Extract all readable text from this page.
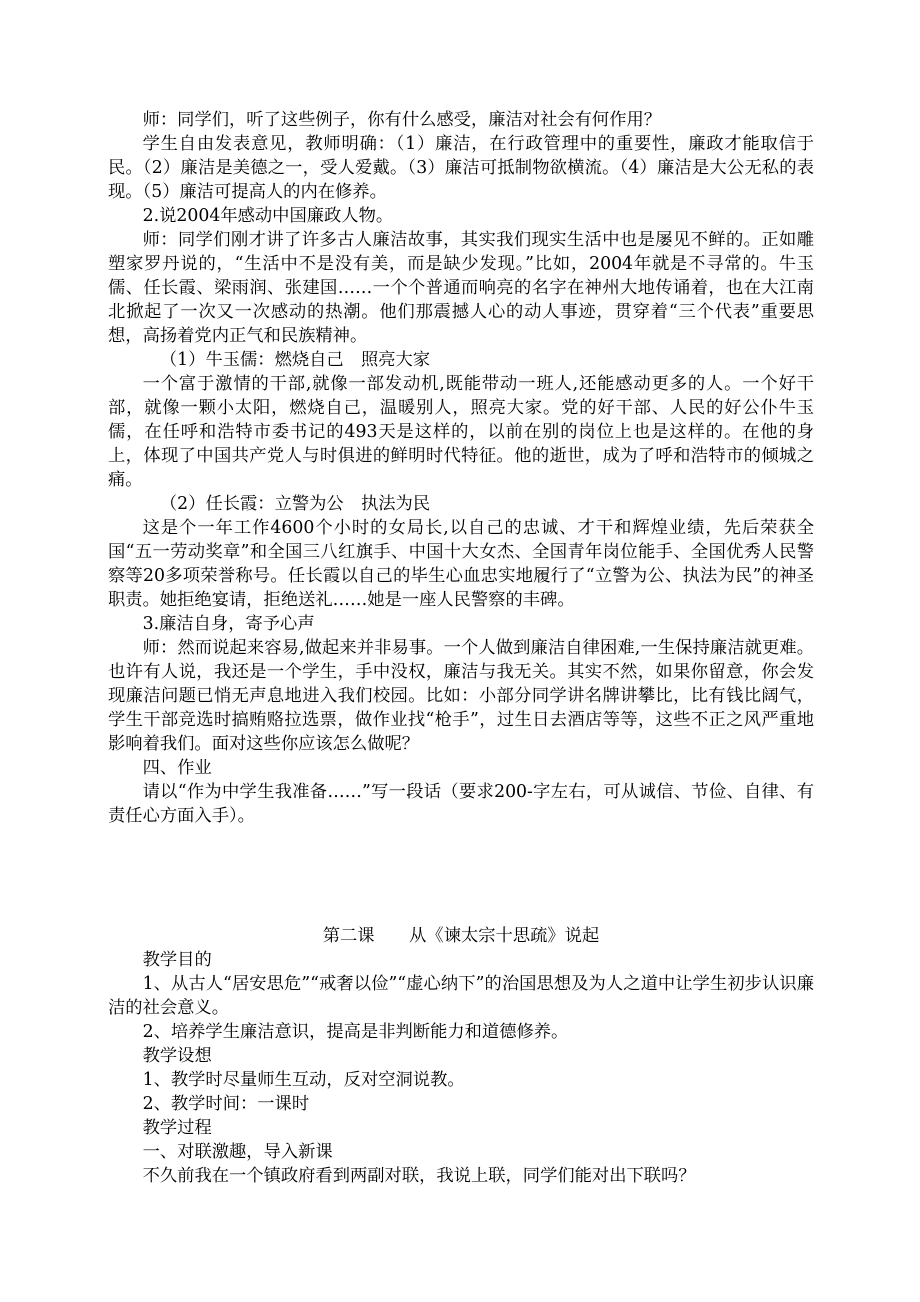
师：同学们，听了这些例子，你有什么感受，廉洁对社会有何作用？

学生自由发表意见，教师明确：（1）廉洁，在行政管理中的重要性，廉政才能取信于民。（2）廉洁是美德之一，受人爱戴。（3）廉洁可抵制物欲横流。（4）廉洁是大公无私的表现。（5）廉洁可提高人的内在修养。

2.说2004年感动中国廉政人物。

师：同学们刚才讲了许多古人廉洁故事，其实我们现实生活中也是屡见不鲜的。正如雕塑家罗丹说的，“生活中不是没有美，而是缺少发现。”比如，2004年就是不寻常的。牛玉儒、任长霞、梁雨润、张建国……一个个普通而响亮的名字在神州大地传诵着，也在大江南北掀起了一次又一次感动的热潮。他们那震撼人心的动人事迹，贯穿着“三个代表”重要思想，高扬着党内正气和民族精神。

（1）牛玉儒：燃烧自己　照亮大家

一个富于激情的干部,就像一部发动机,既能带动一班人,还能感动更多的人。一个好干部，就像一颗小太阳，燃烧自己，温暖别人，照亮大家。党的好干部、人民的好公仆牛玉儒，在任呼和浩特市委书记的493天是这样的，以前在别的岗位上也是这样的。在他的身上，体现了中国共产党人与时俱进的鲜明时代特征。他的逝世，成为了呼和浩特市的倾城之痛。

（2）任长霞：立警为公　执法为民

这是个一年工作4600个小时的女局长,以自己的忠诚、才干和辉煌业绩，先后荣获全国“五一劳动奖章”和全国三八红旗手、中国十大女杰、全国青年岗位能手、全国优秀人民警察等20多项荣誉称号。任长霞以自己的毕生心血忠实地履行了“立警为公、执法为民”的神圣职责。她拒绝宴请，拒绝送礼……她是一座人民警察的丰碑。

3.廉洁自身，寄予心声

师：然而说起来容易,做起来并非易事。一个人做到廉洁自律困难,一生保持廉洁就更难。也许有人说，我还是一个学生，手中没权，廉洁与我无关。其实不然，如果你留意，你会发现廉洁问题已悄无声息地进入我们校园。比如：小部分同学讲名牌讲攀比，比有钱比阔气，学生干部竞选时搞贿赂拉选票，做作业找“枪手”，过生日去酒店等等，这些不正之风严重地影响着我们。面对这些你应该怎么做呢？

四、作业

请以“作为中学生我准备……”写一段话（要求200-字左右，可从诚信、节俭、自律、有责任心方面入手）。

第二课　　从《谏太宗十思疏》说起

教学目的

1、从古人“居安思危”“戒奢以俭”“虚心纳下”的治国思想及为人之道中让学生初步认识廉洁的社会意义。

2、培养学生廉洁意识，提高是非判断能力和道德修养。

教学设想

1、教学时尽量师生互动，反对空洞说教。

2、教学时间：一课时

教学过程

一、对联激趣，导入新课

不久前我在一个镇政府看到两副对联，我说上联，同学们能对出下联吗？
